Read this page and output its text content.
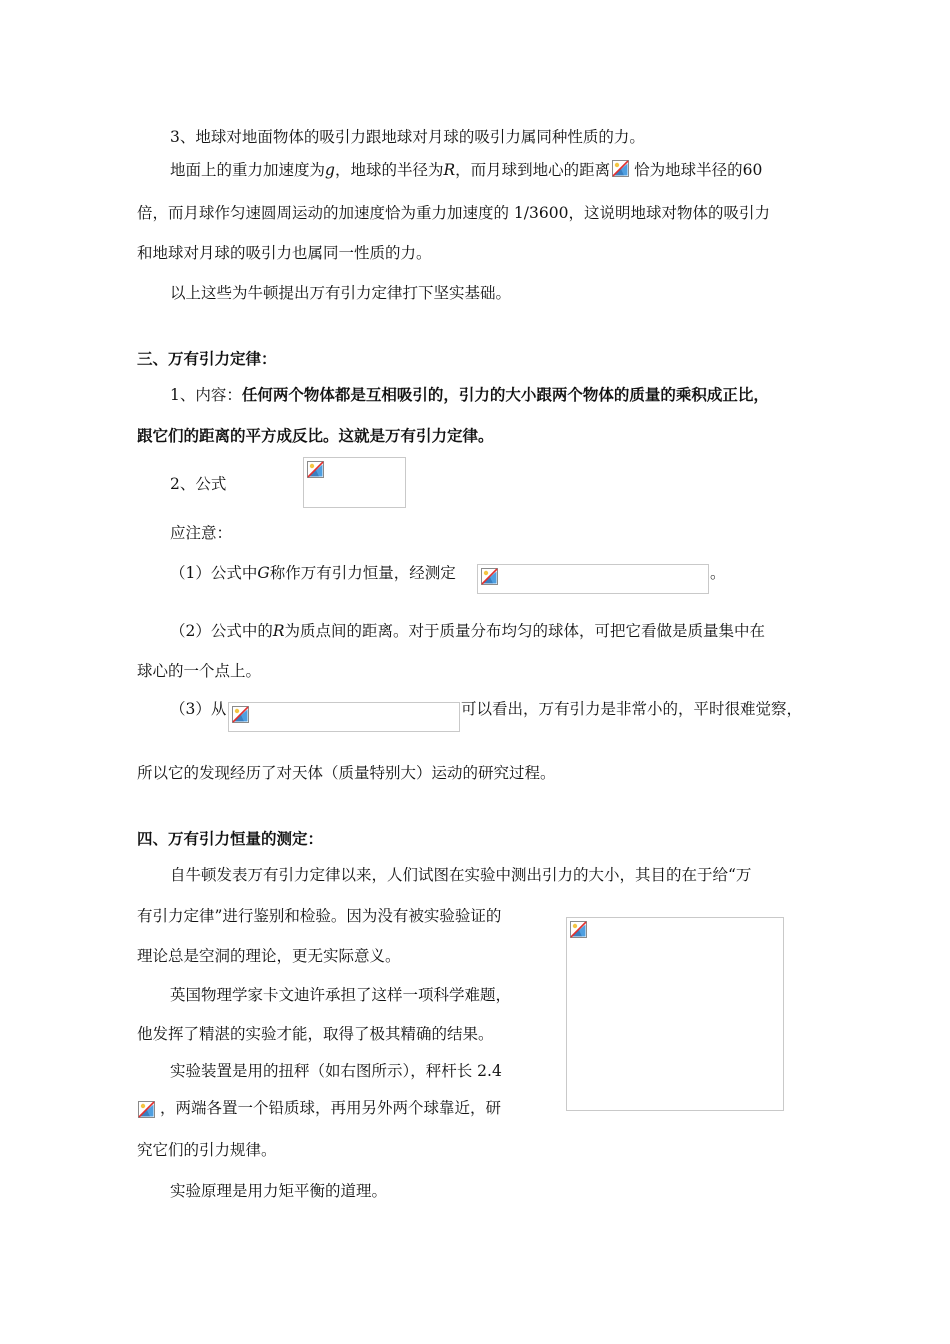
3、地球对地面物体的吸引力跟地球对月球的吸引力属同种性质的力。
地面上的重力加速度为g，地球的半径为R，而月球到地心的距离 恰为地球半径的60
倍，而月球作匀速圆周运动的加速度恰为重力加速度的 1/3600，这说明地球对物体的吸引力
和地球对月球的吸引力也属同一性质的力。
以上这些为牛顿提出万有引力定律打下坚实基础。
三、万有引力定律：
1、内容：任何两个物体都是互相吸引的，引力的大小跟两个物体的质量的乘积成正比，
跟它们的距离的平方成反比。这就是万有引力定律。
2、公式
应注意：
（1）公式中G称作万有引力恒量，经测定	。
（2）公式中的R为质点间的距离。对于质量分布均匀的球体，可把它看做是质量集中在
球心的一个点上。
（3）从	可以看出，万有引力是非常小的，平时很难觉察，
所以它的发现经历了对天体（质量特别大）运动的研究过程。
四、万有引力恒量的测定：
自牛顿发表万有引力定律以来，人们试图在实验中测出引力的大小，其目的在于给“万
有引力定律”进行鉴别和检验。因为没有被实验验证的
理论总是空洞的理论，更无实际意义。
英国物理学家卡文迪许承担了这样一项科学难题，
他发挥了精湛的实验才能，取得了极其精确的结果。
实验装置是用的扭秤（如右图所示），秤杆长 2.4
，两端各置一个铅质球，再用另外两个球靠近，研
究它们的引力规律。
实验原理是用力矩平衡的道理。
